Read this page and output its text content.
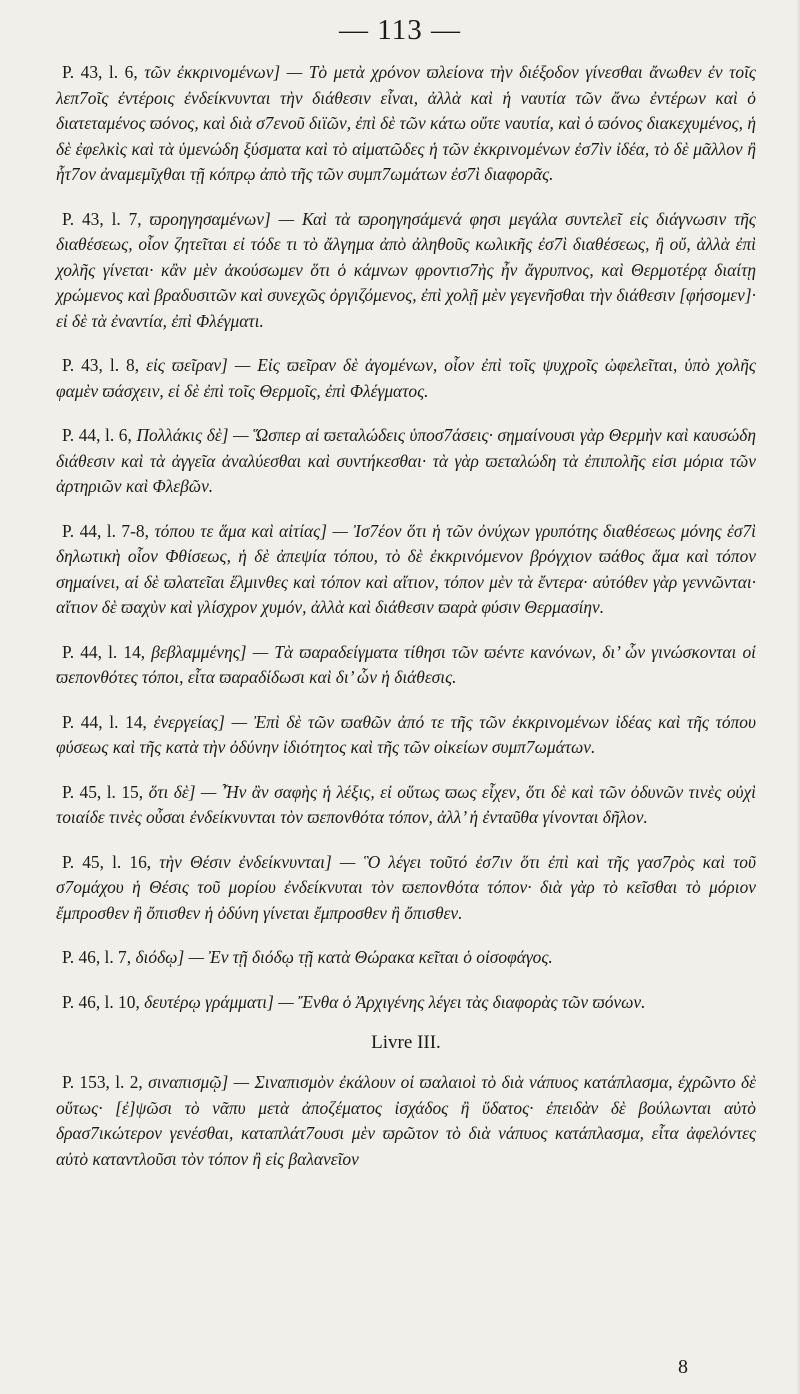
— 113 —

P. 43, l. 6, τῶν ἐκκρινομένων] — Τὸ μετὰ χρόνον ϖλείονα τὴν διέξοδον γίνεσθαι ἄνωθεν ἐν τοῖς λεπ7οῖς ἐντέροις ἐνδείκνυνται τὴν διάθεσιν εἶναι, ἀλλὰ καὶ ἡ ναυτία τῶν ἄνω ἐντέρων καὶ ὁ διατεταμένος ϖόνος, καὶ διὰ σ7ενοῦ διϊῶν, ἐπὶ δὲ τῶν κάτω οὔτε ναυτία, καὶ ὁ ϖόνος διακεχυμένος, ἡ δὲ ἐφελκὶς καὶ τὰ ὑμενώδη ξύσματα καὶ τὸ αἱματῶδες ἡ τῶν ἐκκρινομένων ἐσ7ὶν ἰδέα, τὸ δὲ μᾶλλον ἢ ἧτ7ον ἀναμεμῖχθαι τῇ κόπρῳ ἀπὸ τῆς τῶν συμπ7ωμάτων ἐσ7ὶ διαφορᾶς.

P. 43, l. 7, ϖροηγησαμένων] — Καὶ τὰ ϖροηγησάμενά φησι μεγάλα συντελεῖ εἰς διάγνωσιν τῆς διαθέσεως, οἷον ζητεῖται εἰ τόδε τι τὸ ἄλγημα ἀπὸ ἀληθοῦς κωλικῆς ἐσ7ὶ διαθέσεως, ἢ οὔ, ἀλλὰ ἐπὶ χολῆς γίνεται· κἂν μὲν ἀκούσωμεν ὅτι ὁ κάμνων φροντισ7ὴς ἦν ἄγρυπνος, καὶ Θερμοτέρᾳ διαίτῃ χρώμενος καὶ βραδυσιτῶν καὶ συνεχῶς ὀργιζόμενος, ἐπὶ χολῇ μὲν γεγενῆσθαι τὴν διάθεσιν [φήσομεν]· εἰ δὲ τὰ ἐναντία, ἐπὶ Φλέγματι.

P. 43, l. 8, εἰς ϖεῖραν] — Εἰς ϖεῖραν δὲ ἀγομένων, οἷον ἐπὶ τοῖς ψυχροῖς ὠφελεῖται, ὑπὸ χολῆς φαμὲν ϖάσχειν, εἰ δὲ ἐπὶ τοῖς Θερμοῖς, ἐπὶ Φλέγματος.

P. 44, l. 6, Πολλάκις δὲ] — Ὥσπερ αἱ ϖεταλώδεις ὑποσ7άσεις· σημαίνουσι γὰρ Θερμὴν καὶ καυσώδη διάθεσιν καὶ τὰ ἀγγεῖα ἀναλύεσθαι καὶ συντήκεσθαι· τὰ γὰρ ϖεταλώδη τὰ ἐπιπολῆς εἰσι μόρια τῶν ἀρτηριῶν καὶ Φλεβῶν.

P. 44, l. 7-8, τόπου τε ἅμα καὶ αἰτίας] — Ἰσ7έον ὅτι ἡ τῶν ὀνύχων γρυπότης διαθέσεως μόνης ἐσ7ὶ δηλωτικὴ οἷον Φθίσεως, ἡ δὲ ἀπεψία τόπου, τὸ δὲ ἐκκρινόμενον βρόγχιον ϖάθος ἅμα καὶ τόπον σημαίνει, αἱ δὲ ϖλατεῖαι ἕλμινθες καὶ τόπον καὶ αἴτιον, τόπον μὲν τὰ ἔντερα· αὐτόθεν γὰρ γεννῶνται· αἴτιον δὲ ϖαχὺν καὶ γλίσχρον χυμόν, ἀλλὰ καὶ διάθεσιν ϖαρὰ φύσιν Θερμασίην.

P. 44, l. 14, βεβλαμμένης] — Τὰ ϖαραδείγματα τίθησι τῶν ϖέντε κανόνων, δι’ ὧν γινώσκονται οἱ ϖεπονθότες τόποι, εἶτα ϖαραδίδωσι καὶ δι’ ὧν ἡ διάθεσις.

P. 44, l. 14, ἐνεργείας] — Ἐπὶ δὲ τῶν ϖαθῶν ἀπό τε τῆς τῶν ἐκκρινομένων ἰδέας καὶ τῆς τόπου φύσεως καὶ τῆς κατὰ τὴν ὀδύνην ἰδιότητος καὶ τῆς τῶν οἰκείων συμπ7ωμάτων.

P. 45, l. 15, ὅτι δὲ] — Ἦν ἂν σαφὴς ἡ λέξις, εἰ οὕτως ϖως εἶχεν, ὅτι δὲ καὶ τῶν ὀδυνῶν τινὲς οὐχὶ τοιαίδε τινὲς οὖσαι ἐνδείκνυνται τὸν ϖεπονθότα τόπον, ἀλλ’ ἡ ἐνταῦθα γίνονται δῆλον.

P. 45, l. 16, τὴν Θέσιν ἐνδείκνυνται] — Ὃ λέγει τοῦτό ἐσ7ιν ὅτι ἐπὶ καὶ τῆς γασ7ρὸς καὶ τοῦ σ7ομάχου ἡ Θέσις τοῦ μορίου ἐνδείκνυται τὸν ϖεπονθότα τόπον· διὰ γὰρ τὸ κεῖσθαι τὸ μόριον ἔμπροσθεν ἢ ὄπισθεν ἡ ὀδύνη γίνεται ἔμπροσθεν ἢ ὄπισθεν.

P. 46, l. 7, διόδῳ] — Ἐν τῇ διόδῳ τῇ κατὰ Θώρακα κεῖται ὁ οἰσοφάγος.

P. 46, l. 10, δευτέρῳ γράμματι] — Ἔνθα ὁ Ἀρχιγένης λέγει τὰς διαφορὰς τῶν ϖόνων.

Livre III.

P. 153, l. 2, σιναπισμῷ] — Σιναπισμὸν ἐκάλουν οἱ ϖαλαιοὶ τὸ διὰ νάπυος κατάπλασμα, ἐχρῶντο δὲ οὕτως· [ἐ]ψῶσι τὸ νᾶπυ μετὰ ἀποζέματος ἰσχάδος ἢ ὕδατος· ἐπειδὰν δὲ βούλωνται αὐτὸ δρασ7ικώτερον γενέσθαι, καταπλάτ7ουσι μὲν ϖρῶτον τὸ διὰ νάπυος κατάπλασμα, εἶτα ἀφελόντες αὐτὸ καταντλοῦσι τὸν τόπον ἢ εἰς βαλανεῖον

8
